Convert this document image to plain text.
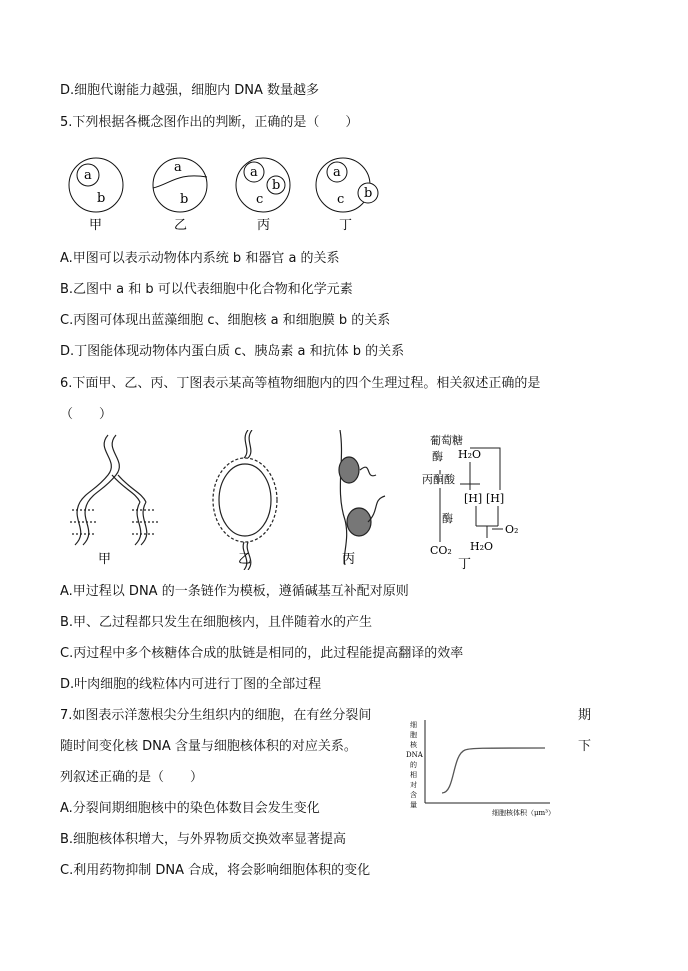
D.细胞代谢能力越强，细胞内 DNA 数量越多
5.下列根据各概念图作出的判断，正确的是（　　）
a
b
甲
a
b
乙
a
b
c
丙
a
b
c
丁
A.甲图可以表示动物体内系统 b 和器官 a 的关系
B.乙图中 a 和 b 可以代表细胞中化合物和化学元素
C.丙图可体现出蓝藻细胞 c、细胞核 a 和细胞膜 b 的关系
D.丁图能体现动物体内蛋白质 c、胰岛素 a 和抗体 b 的关系
6.下面甲、乙、丙、丁图表示某高等植物细胞内的四个生理过程。相关叙述正确的是
（　　）
甲	乙	丙
葡萄糖
酶 H₂O
丙酮酸
[H] [H]
酶
O₂
CO₂ H₂O
丁
A.甲过程以 DNA 的一条链作为模板，遵循碱基互补配对原则
B.甲、乙过程都只发生在细胞核内，且伴随着水的产生
C.丙过程中多个核糖体合成的肽链是相同的，此过程能提高翻译的效率
D.叶肉细胞的线粒体内可进行丁图的全部过程
7.如图表示洋葱根尖分生组织内的细胞，在有丝分裂间	期
随时间变化核 DNA 含量与细胞核体积的对应关系。	下
列叙述正确的是（　　）
A.分裂间期细胞核中的染色体数目会发生变化
B.细胞核体积增大，与外界物质交换效率显著提高
C.利用药物抑制 DNA 合成，将会影响细胞体积的变化
细
胞
核
DNA
的
相
对
含
量
细胞核体积（μm³）
